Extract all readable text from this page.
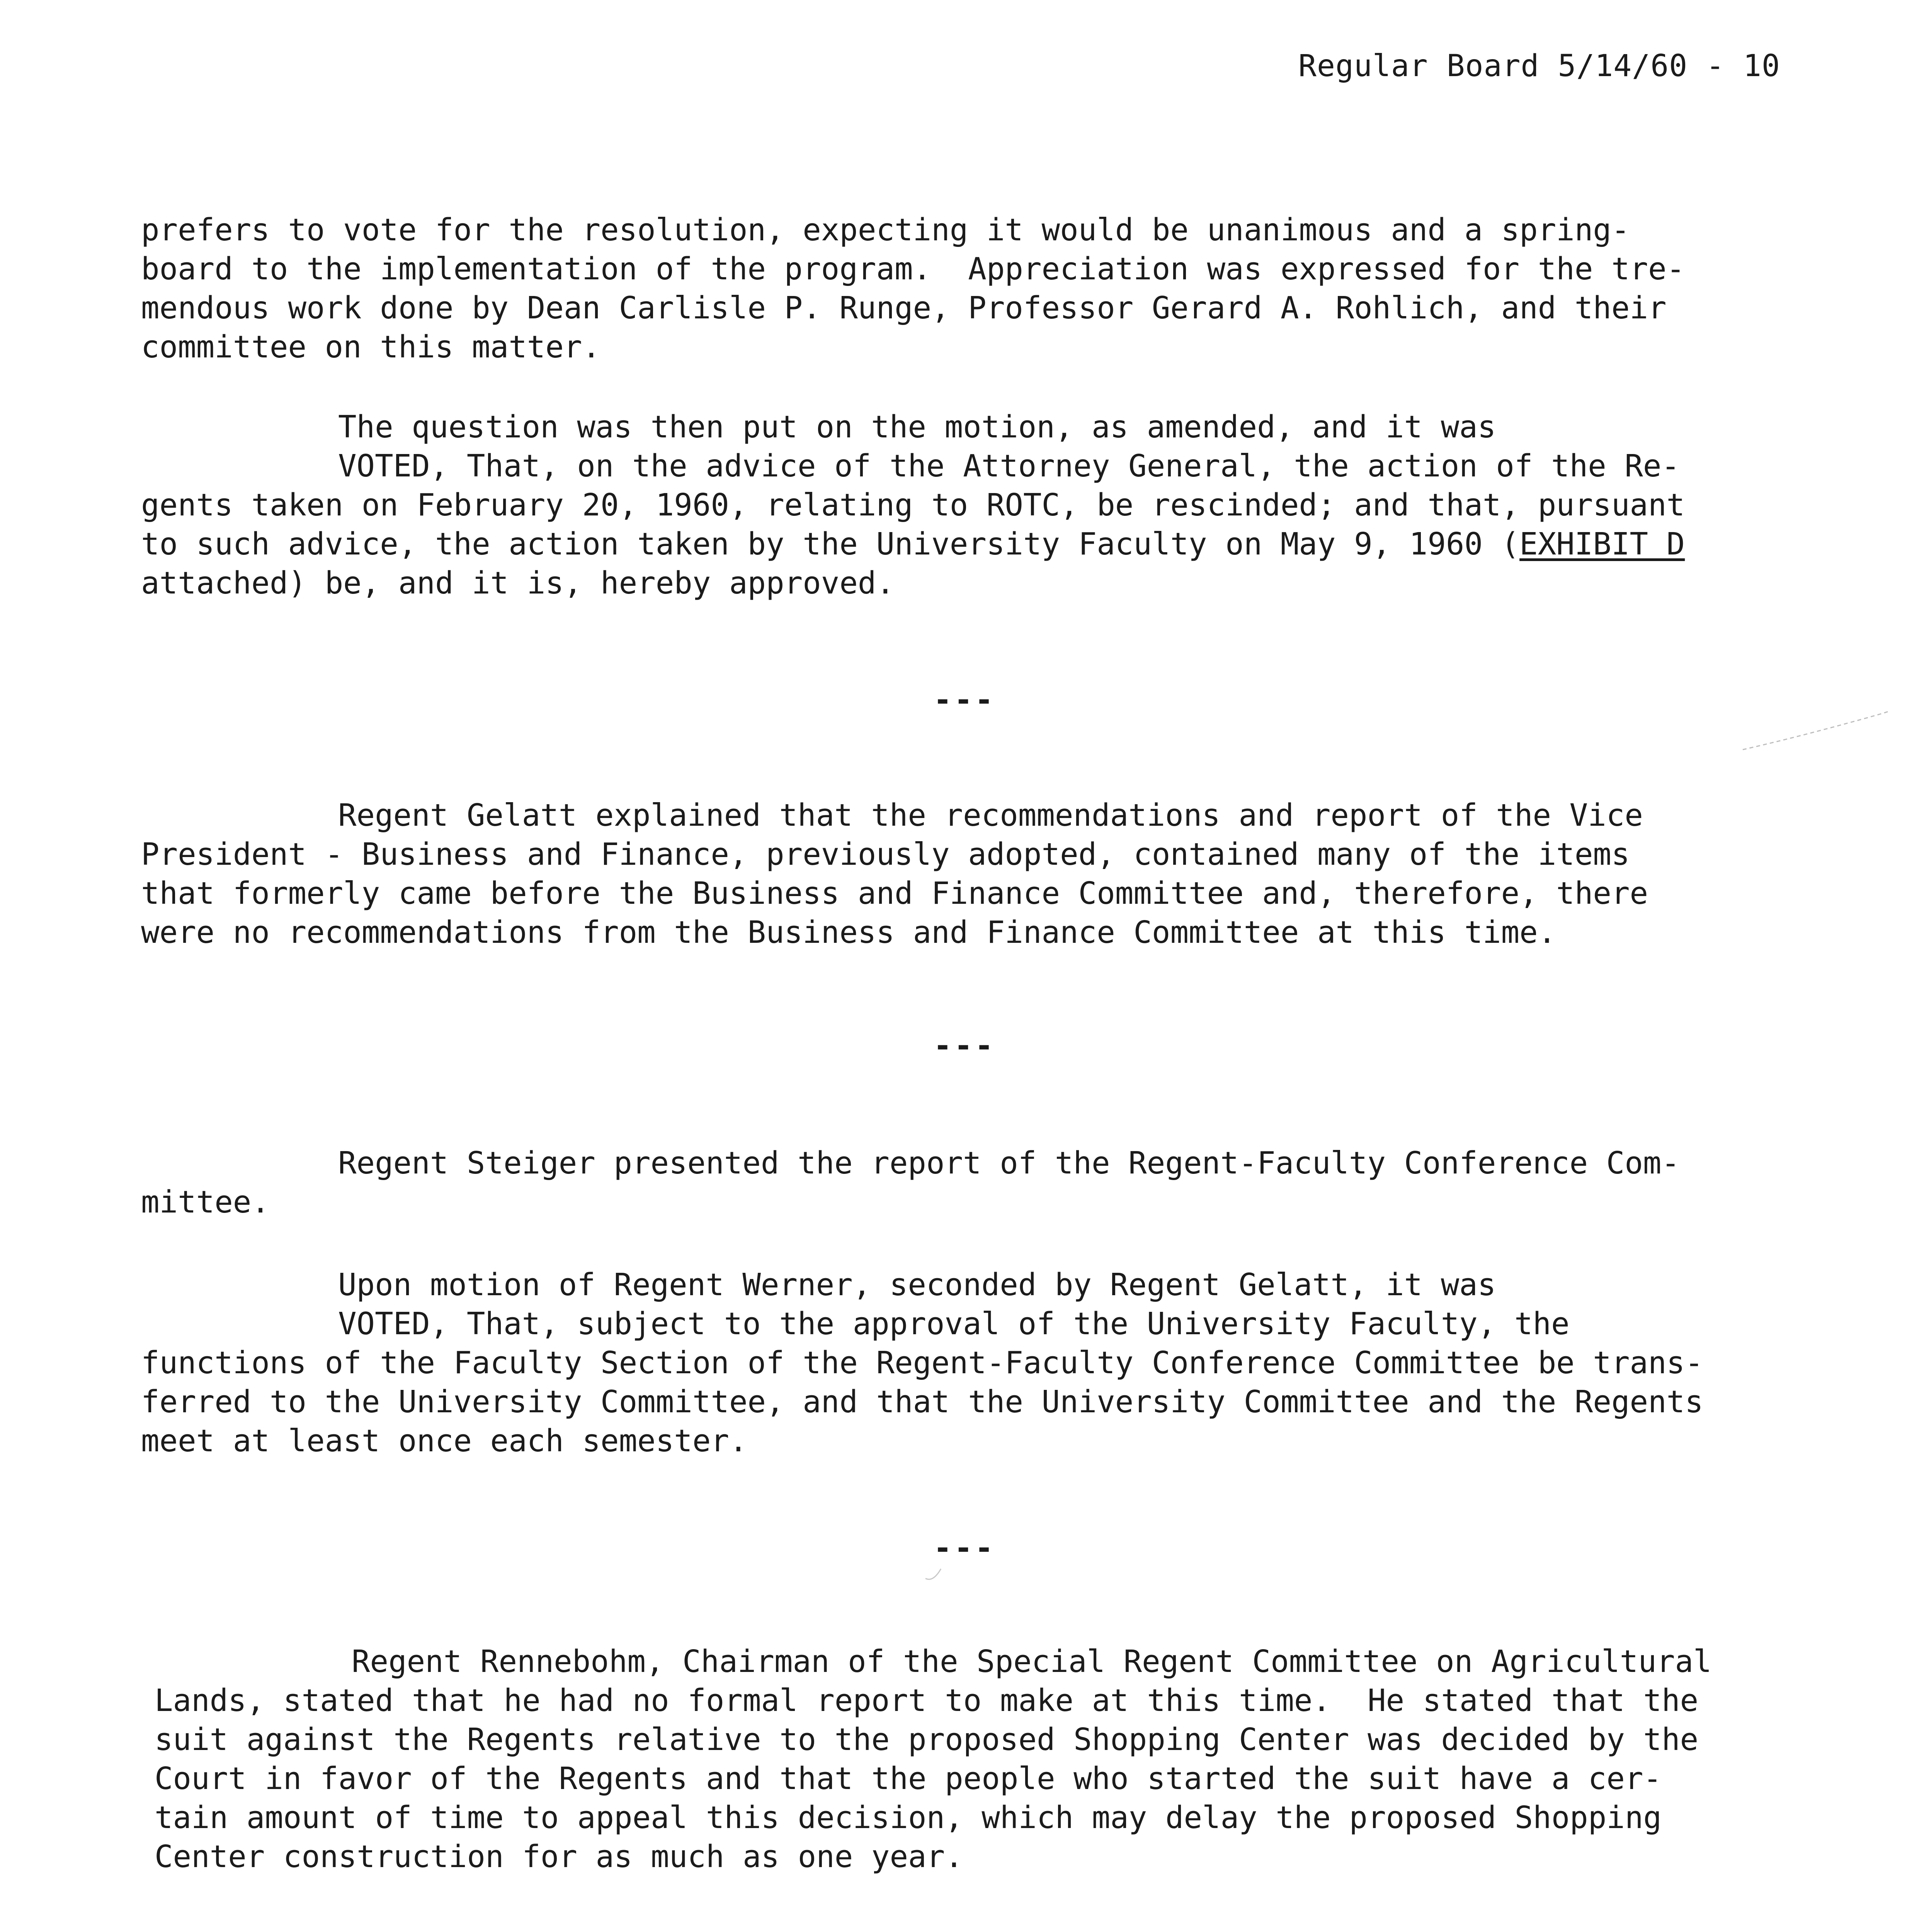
Regular Board 5/14/60 - 10
prefers to vote for the resolution, expecting it would be unanimous and a spring-
board to the implementation of the program.  Appreciation was expressed for the tre-
mendous work done by Dean Carlisle P. Runge, Professor Gerard A. Rohlich, and their
committee on this matter.
The question was then put on the motion, as amended, and it was
VOTED, That, on the advice of the Attorney General, the action of the Re-
gents taken on February 20, 1960, relating to ROTC, be rescinded; and that, pursuant
to such advice, the action taken by the University Faculty on May 9, 1960 (EXHIBIT D
attached) be, and it is, hereby approved.
---
Regent Gelatt explained that the recommendations and report of the Vice
President - Business and Finance, previously adopted, contained many of the items
that formerly came before the Business and Finance Committee and, therefore, there
were no recommendations from the Business and Finance Committee at this time.
---
Regent Steiger presented the report of the Regent-Faculty Conference Com-
mittee.
Upon motion of Regent Werner, seconded by Regent Gelatt, it was
VOTED, That, subject to the approval of the University Faculty, the
functions of the Faculty Section of the Regent-Faculty Conference Committee be trans-
ferred to the University Committee, and that the University Committee and the Regents
meet at least once each semester.
---
Regent Rennebohm, Chairman of the Special Regent Committee on Agricultural
Lands, stated that he had no formal report to make at this time.  He stated that the
suit against the Regents relative to the proposed Shopping Center was decided by the
Court in favor of the Regents and that the people who started the suit have a cer-
tain amount of time to appeal this decision, which may delay the proposed Shopping
Center construction for as much as one year.
